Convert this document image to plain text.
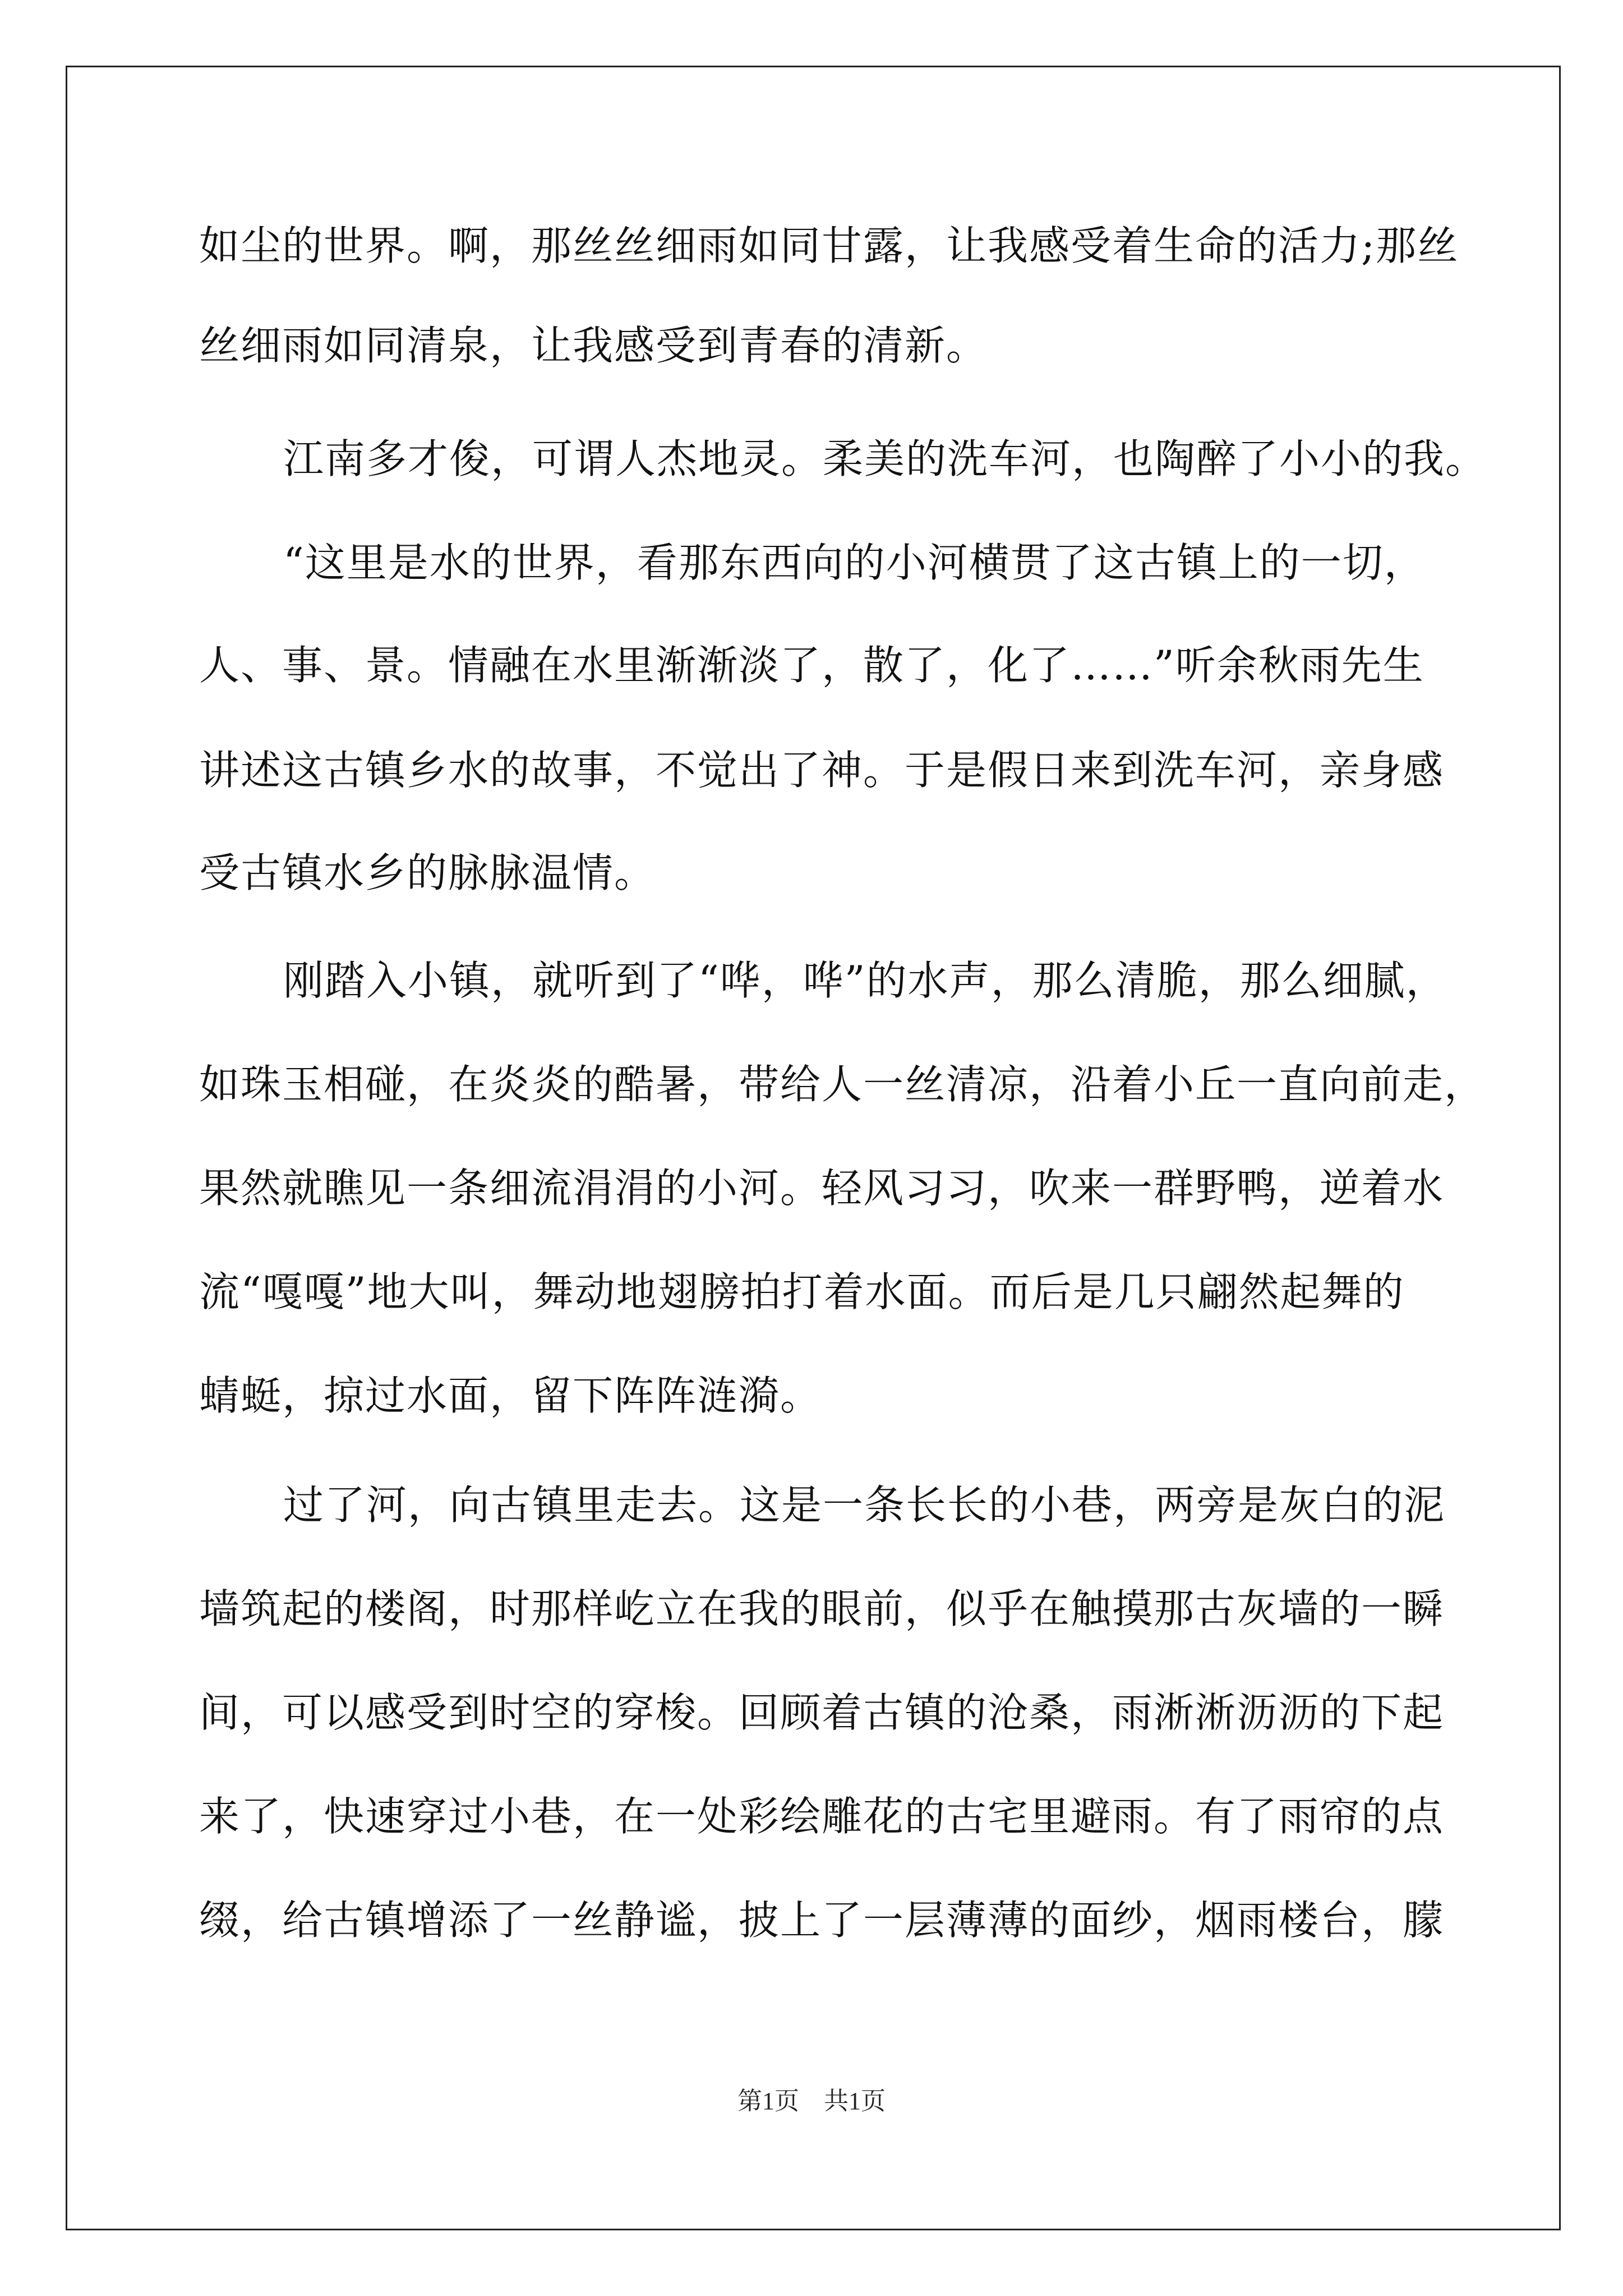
如尘的世界。啊，那丝丝细雨如同甘露，让我感受着生命的活力;那丝
丝细雨如同清泉，让我感受到青春的清新。
江南多才俊，可谓人杰地灵。柔美的洗车河，也陶醉了小小的我。
“这里是水的世界，看那东西向的小河横贯了这古镇上的一切，
人、事、景。情融在水里渐渐淡了，散了，化了……”听余秋雨先生
讲述这古镇乡水的故事，不觉出了神。于是假日来到洗车河，亲身感
受古镇水乡的脉脉温情。
刚踏入小镇，就听到了“哗，哗”的水声，那么清脆，那么细腻，
如珠玉相碰，在炎炎的酷暑，带给人一丝清凉，沿着小丘一直向前走，
果然就瞧见一条细流涓涓的小河。轻风习习，吹来一群野鸭，逆着水
流“嘎嘎”地大叫，舞动地翅膀拍打着水面。而后是几只翩然起舞的
蜻蜓，掠过水面，留下阵阵涟漪。
过了河，向古镇里走去。这是一条长长的小巷，两旁是灰白的泥
墙筑起的楼阁，时那样屹立在我的眼前，似乎在触摸那古灰墙的一瞬
间，可以感受到时空的穿梭。回顾着古镇的沧桑，雨淅淅沥沥的下起
来了，快速穿过小巷，在一处彩绘雕花的古宅里避雨。有了雨帘的点
缀，给古镇增添了一丝静谧，披上了一层薄薄的面纱，烟雨楼台，朦
第1页　共1页
